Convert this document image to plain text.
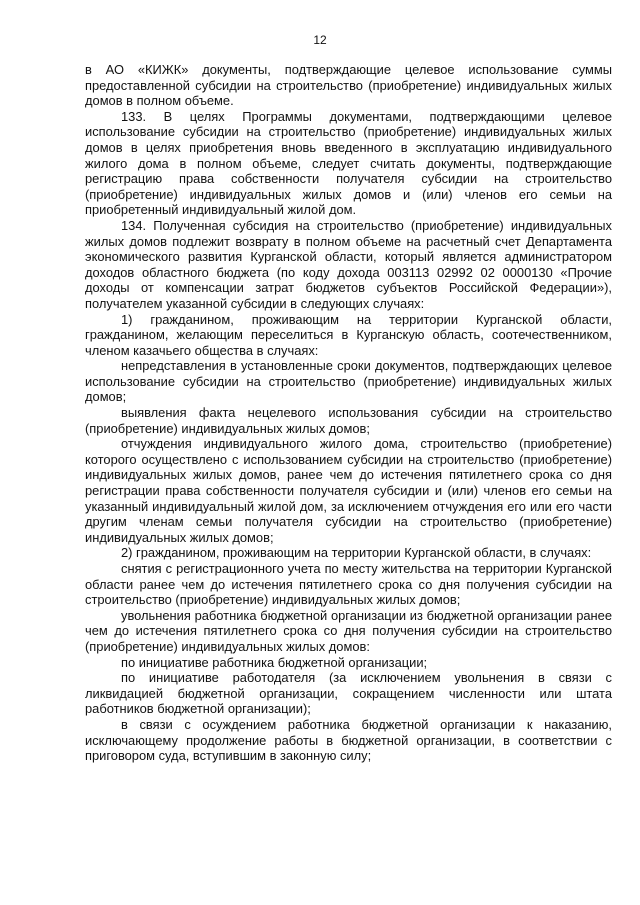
12

в АО «КИЖК» документы, подтверждающие целевое использование суммы предоставленной субсидии на строительство (приобретение) индивидуальных жилых домов в полном объеме.

133. В целях Программы документами, подтверждающими целевое использование субсидии на строительство (приобретение) индивидуальных жилых домов в целях приобретения вновь введенного в эксплуатацию индивидуального жилого дома в полном объеме, следует считать документы, подтверждающие регистрацию права собственности получателя субсидии на строительство (приобретение) индивидуальных жилых домов и (или) членов его семьи на приобретенный индивидуальный жилой дом.

134. Полученная субсидия на строительство (приобретение) индивидуальных жилых домов подлежит возврату в полном объеме на расчетный счет Департамента экономического развития Курганской области, который является администратором доходов областного бюджета (по коду дохода 003113 02992 02 0000130 «Прочие доходы от компенсации затрат бюджетов субъектов Российской Федерации»), получателем указанной субсидии в следующих случаях:

1) гражданином, проживающим на территории Курганской области, гражданином, желающим переселиться в Курганскую область, соотечественником, членом казачьего общества в случаях:

непредставления в установленные сроки документов, подтверждающих целевое использование субсидии на строительство (приобретение) индивидуальных жилых домов;

выявления факта нецелевого использования субсидии на строительство (приобретение) индивидуальных жилых домов;

отчуждения индивидуального жилого дома, строительство (приобретение) которого осуществлено с использованием субсидии на строительство (приобретение) индивидуальных жилых домов, ранее чем до истечения пятилетнего срока со дня регистрации права собственности получателя субсидии и (или) членов его семьи на указанный индивидуальный жилой дом, за исключением отчуждения его или его части другим членам семьи получателя субсидии на строительство (приобретение) индивидуальных жилых домов;

2) гражданином, проживающим на территории Курганской области, в случаях:

снятия с регистрационного учета по месту жительства на территории Курганской области ранее чем до истечения пятилетнего срока со дня получения субсидии на строительство (приобретение) индивидуальных жилых домов;

увольнения работника бюджетной организации из бюджетной организации ранее чем до истечения пятилетнего срока со дня получения субсидии на строительство (приобретение) индивидуальных жилых домов:

по инициативе работника бюджетной организации;

по инициативе работодателя (за исключением увольнения в связи с ликвидацией бюджетной организации, сокращением численности или штата работников бюджетной организации);

в связи с осуждением работника бюджетной организации к наказанию, исключающему продолжение работы в бюджетной организации, в соответствии с приговором суда, вступившим в законную силу;
